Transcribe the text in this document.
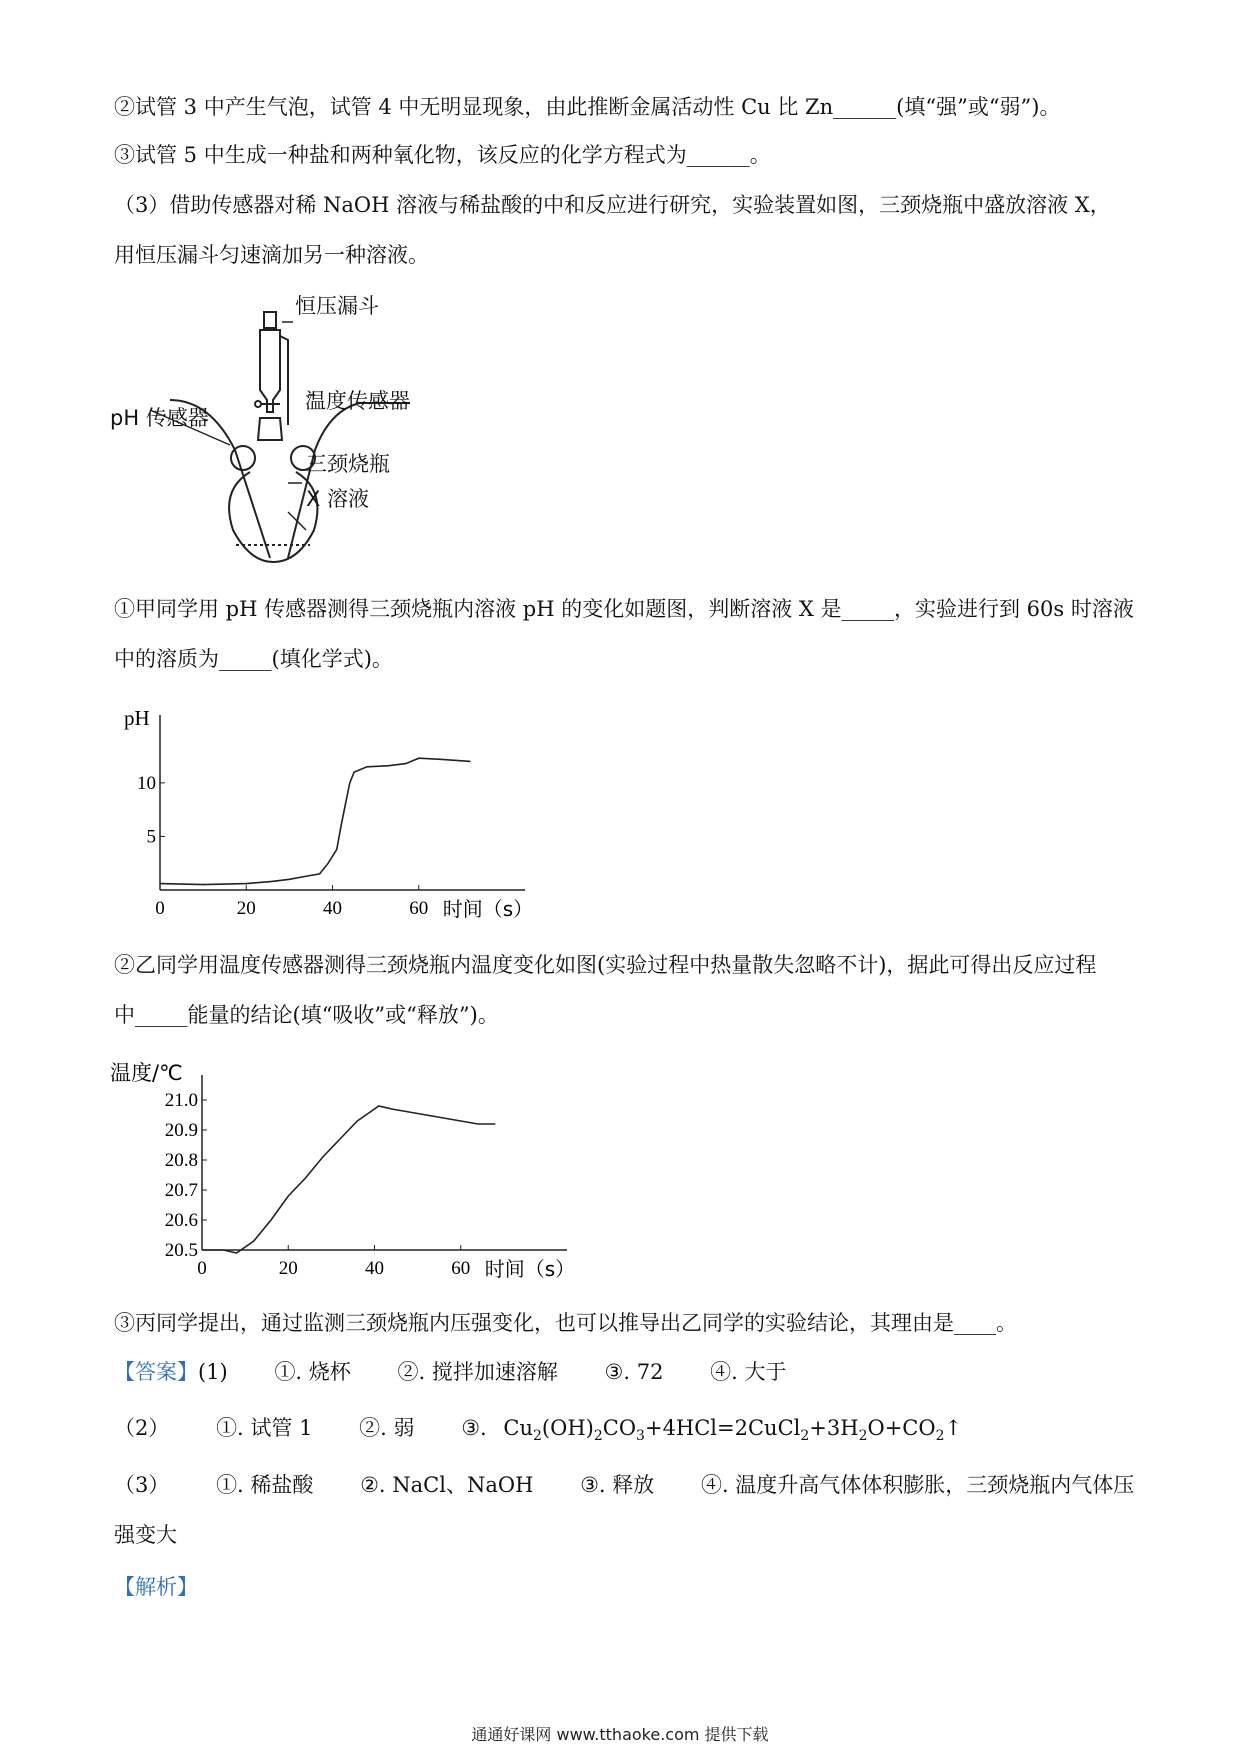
②试管 3 中产生气泡，试管 4 中无明显现象，由此推断金属活动性 Cu 比 Zn______(填“强”或“弱”)。
③试管 5 中生成一种盐和两种氧化物，该反应的化学方程式为______。
（3）借助传感器对稀 NaOH 溶液与稀盐酸的中和反应进行研究，实验装置如图，三颈烧瓶中盛放溶液 X，
用恒压漏斗匀速滴加另一种溶液。
恒压漏斗
温度传感器
pH 传感器
三颈烧瓶
X 溶液
①甲同学用 pH 传感器测得三颈烧瓶内溶液 pH 的变化如题图，判断溶液 X 是_____，实验进行到 60s 时溶液
中的溶质为_____(填化学式)。
0	20	40	60
5
10
pH
时间（s）
②乙同学用温度传感器测得三颈烧瓶内温度变化如图(实验过程中热量散失忽略不计)，据此可得出反应过程
中_____能量的结论(填“吸收”或“释放”)。
0	20	40	60
20.5
20.6
20.7
20.8
20.9
21.0
温度/℃
时间（s）
③丙同学提出，通过监测三颈烧瓶内压强变化，也可以推导出乙同学的实验结论，其理由是____。
【答案】(1) ①. 烧杯 ②. 搅拌加速溶解 ③. 72 ④. 大于
（2） ①. 试管 1 ②. 弱 ③. $Cu_2(OH)_2CO_3+4HCl=2CuCl_2+3H_2O+CO_2↑$
（3） ①. 稀盐酸 ②. NaCl、NaOH ③. 释放 ④. 温度升高气体体积膨胀，三颈烧瓶内气体压
强变大
【解析】
通通好课网 www.tthaoke.com 提供下载
